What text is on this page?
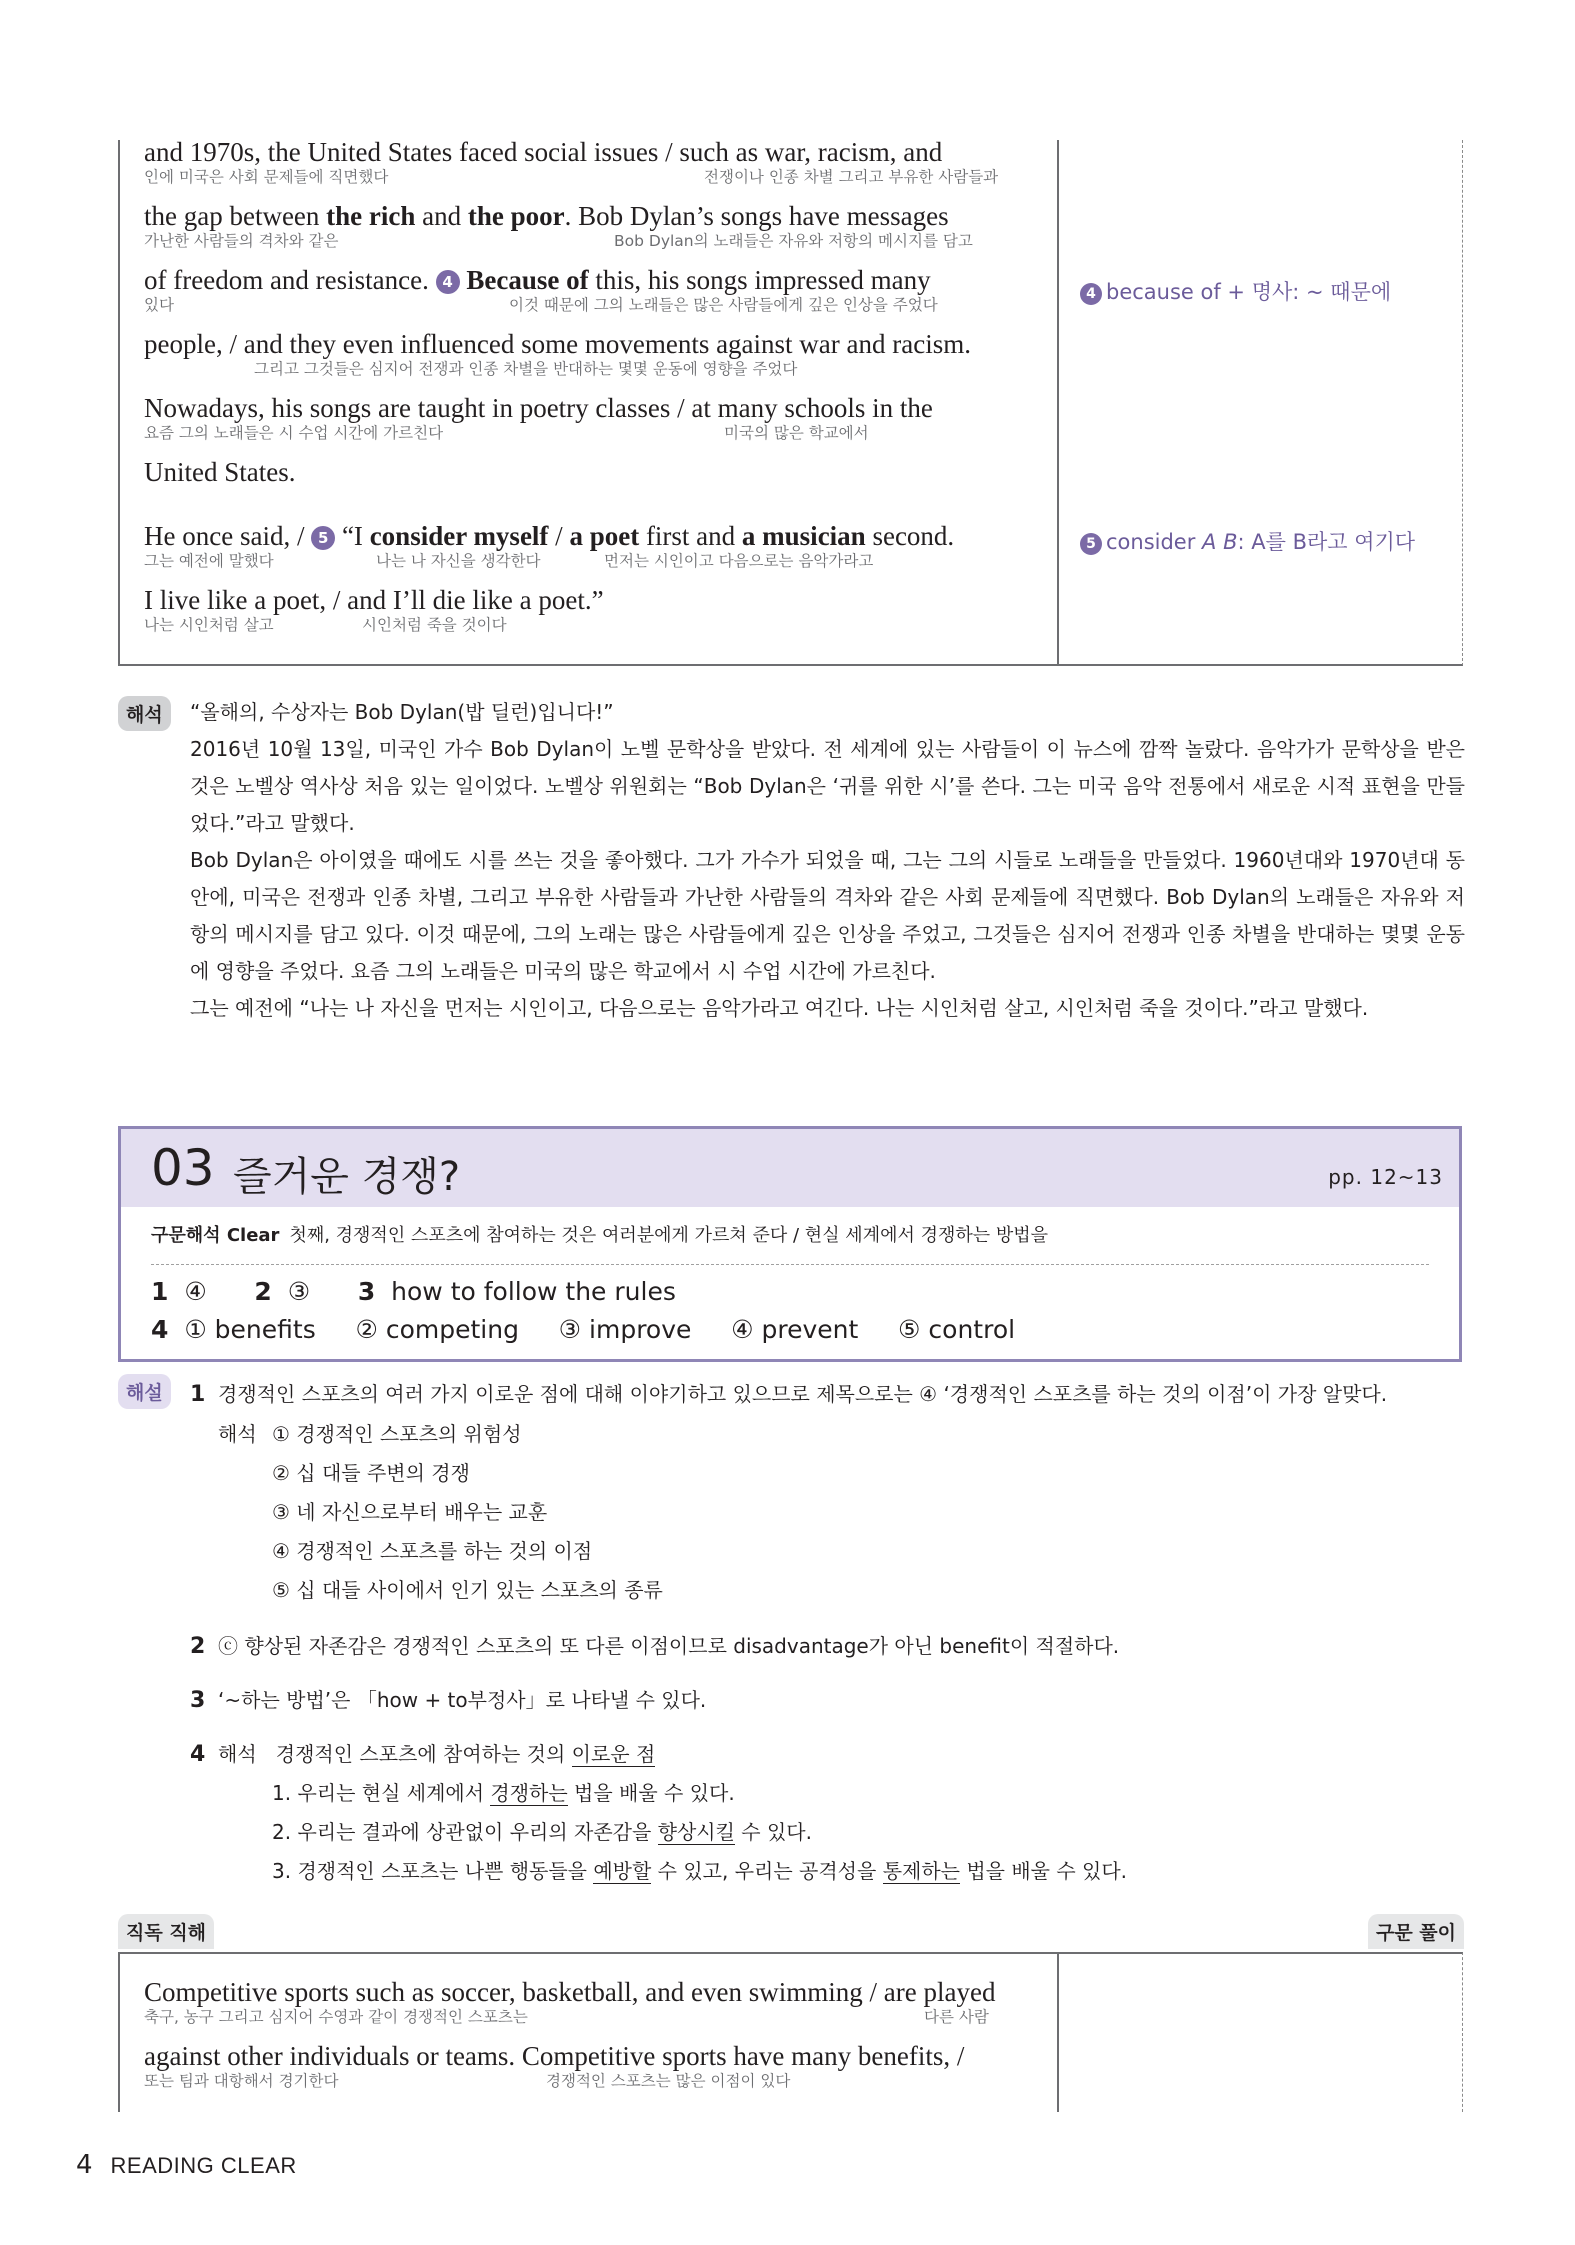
and 1970s, the United States faced social issues / such as war, racism, and
인에 미국은 사회 문제들에 직면했다	전쟁이나 인종 차별 그리고 부유한 사람들과
the gap between the rich and the poor. Bob Dylan’s songs have messages
가난한 사람들의 격차와 같은	Bob Dylan의 노래들은 자유와 저항의 메시지를 담고
of freedom and resistance. 4 Because of this, his songs impressed many
있다	이것 때문에 그의 노래들은 많은 사람들에게 깊은 인상을 주었다
people, / and they even influenced some movements against war and racism.
그리고 그것들은 심지어 전쟁과 인종 차별을 반대하는 몇몇 운동에 영향을 주었다
Nowadays, his songs are taught in poetry classes / at many schools in the
요즘 그의 노래들은 시 수업 시간에 가르친다	미국의 많은 학교에서
United States.
He once said, / 5 “I consider myself / a poet first and a musician second.
그는 예전에 말했다	나는 나 자신을 생각한다	먼저는 시인이고 다음으로는 음악가라고
I live like a poet, / and I’ll die like a poet.”
나는 시인처럼 살고	시인처럼 죽을 것이다
4 because of + 명사: ~ 때문에
5 consider A B: A를 B라고 여기다
해석	“올해의, 수상자는 Bob Dylan(밥 딜런)입니다!”

2016년 10월 13일, 미국인 가수 Bob Dylan이 노벨 문학상을 받았다. 전 세계에 있는 사람들이 이 뉴스에 깜짝 놀랐다. 음악가가 문학상을 받은 것은 노벨상 역사상 처음 있는 일이었다. 노벨상 위원회는 “Bob Dylan은 ‘귀를 위한 시’를 쓴다. 그는 미국 음악 전통에서 새로운 시적 표현을 만들었다.”라고 말했다.

Bob Dylan은 아이였을 때에도 시를 쓰는 것을 좋아했다. 그가 가수가 되었을 때, 그는 그의 시들로 노래들을 만들었다. 1960년대와 1970년대 동안에, 미국은 전쟁과 인종 차별, 그리고 부유한 사람들과 가난한 사람들의 격차와 같은 사회 문제들에 직면했다. Bob Dylan의 노래들은 자유와 저항의 메시지를 담고 있다. 이것 때문에, 그의 노래는 많은 사람들에게 깊은 인상을 주었고, 그것들은 심지어 전쟁과 인종 차별을 반대하는 몇몇 운동에 영향을 주었다. 요즘 그의 노래들은 미국의 많은 학교에서 시 수업 시간에 가르친다.

그는 예전에 “나는 나 자신을 먼저는 시인이고, 다음으로는 음악가라고 여긴다. 나는 시인처럼 살고, 시인처럼 죽을 것이다.”라고 말했다.

03 즐거운 경쟁?	pp. 12~13
구문해석 Clear 첫째, 경쟁적인 스포츠에 참여하는 것은 여러분에게 가르쳐 준다 / 현실 세계에서 경쟁하는 방법을
1 ④ 2 ③ 3 how to follow the rules
4 ① benefits ② competing ③ improve ④ prevent ⑤ control
해설	1 경쟁적인 스포츠의 여러 가지 이로운 점에 대해 이야기하고 있으므로 제목으로는 ④ ‘경쟁적인 스포츠를 하는 것의 이점’이 가장 알맞다.
해석 ① 경쟁적인 스포츠의 위험성
② 십 대들 주변의 경쟁
③ 네 자신으로부터 배우는 교훈
④ 경쟁적인 스포츠를 하는 것의 이점
⑤ 십 대들 사이에서 인기 있는 스포츠의 종류
2 ⓒ 향상된 자존감은 경쟁적인 스포츠의 또 다른 이점이므로 disadvantage가 아닌 benefit이 적절하다.
3 ‘~하는 방법’은 「how + to부정사」로 나타낼 수 있다.
4 해석 경쟁적인 스포츠에 참여하는 것의 이로운 점
1. 우리는 현실 세계에서 경쟁하는 법을 배울 수 있다.
2. 우리는 결과에 상관없이 우리의 자존감을 향상시킬 수 있다.
3. 경쟁적인 스포츠는 나쁜 행동들을 예방할 수 있고, 우리는 공격성을 통제하는 법을 배울 수 있다.
직독 직해	구문 풀이
Competitive sports such as soccer, basketball, and even swimming / are played
축구, 농구 그리고 심지어 수영과 같이 경쟁적인 스포츠는	다른 사람
against other individuals or teams. Competitive sports have many benefits, /
또는 팀과 대항해서 경기한다	경쟁적인 스포츠는 많은 이점이 있다
4 READING CLEAR
